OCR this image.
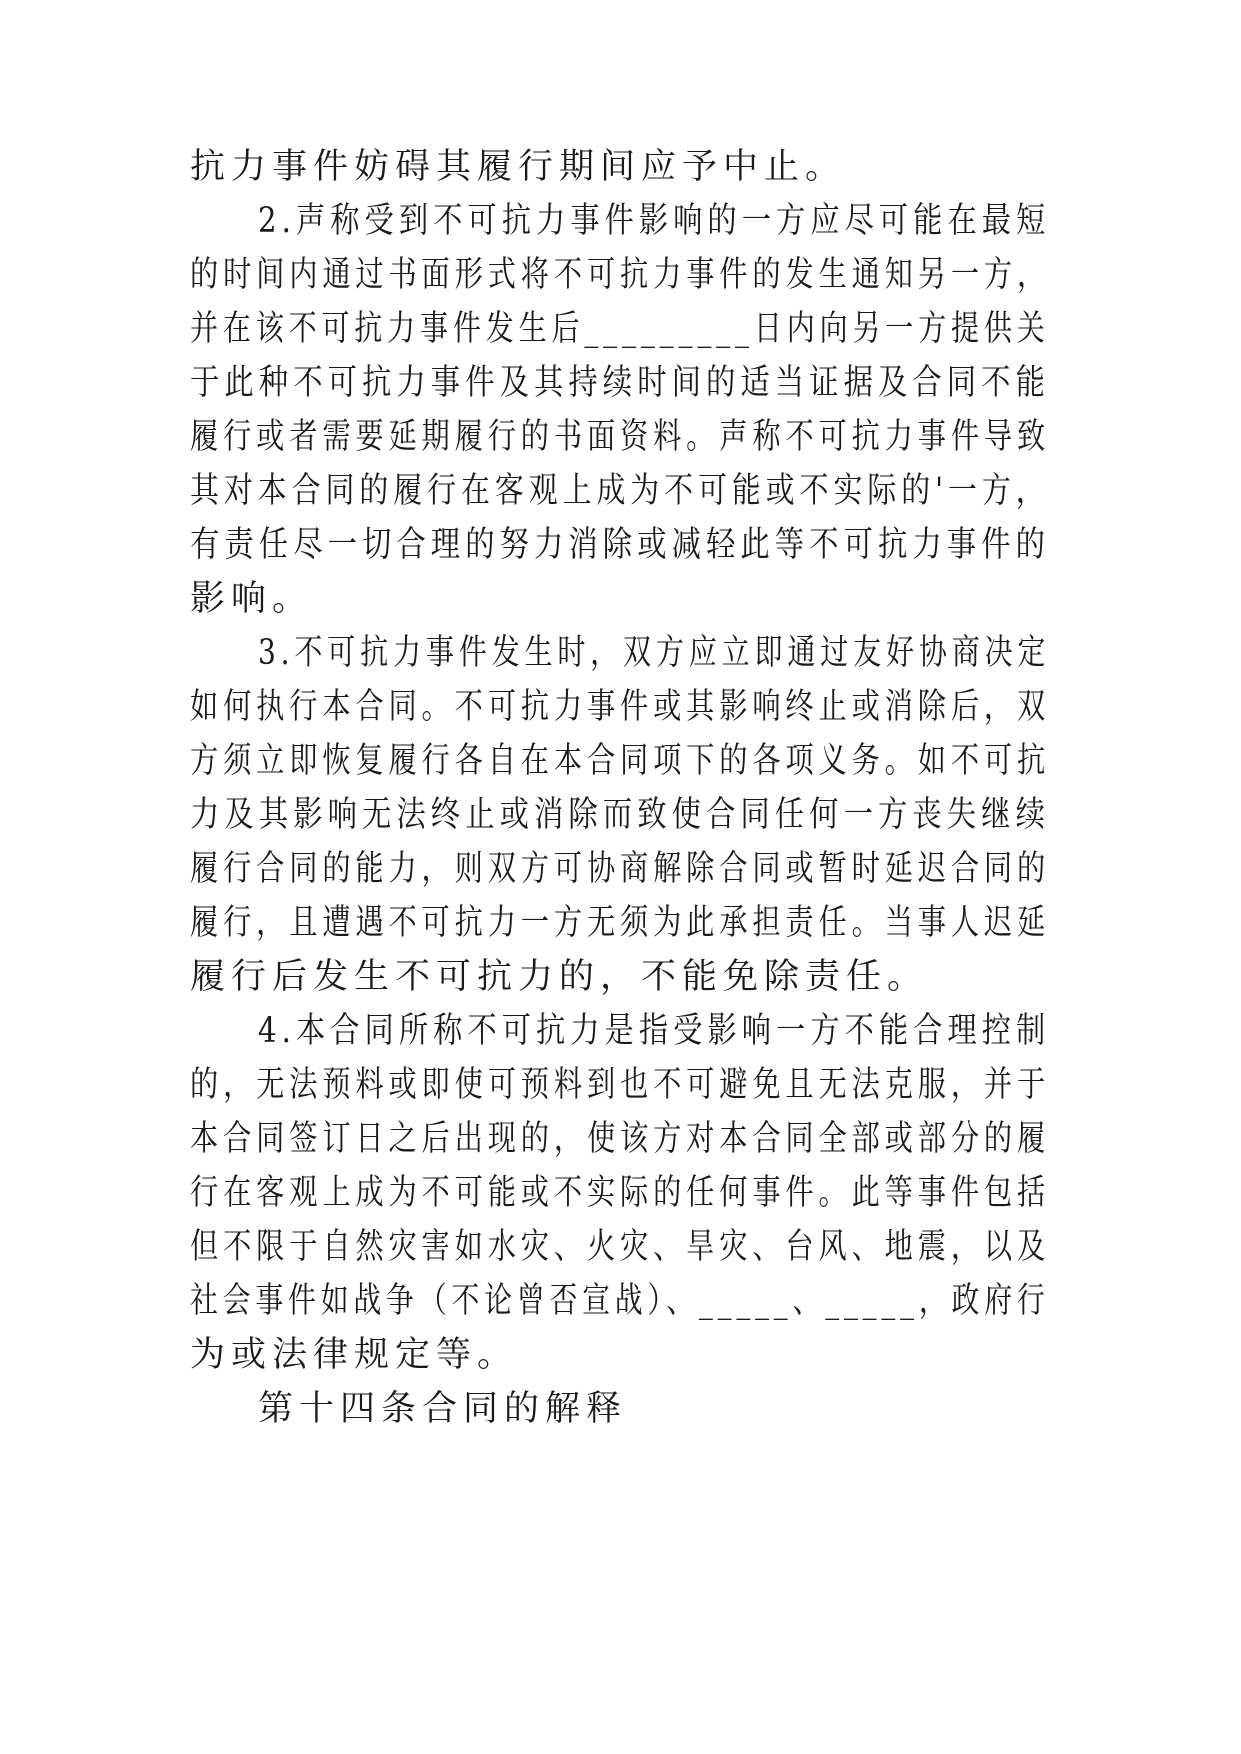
抗力事件妨碍其履行期间应予中止。
2.声称受到不可抗力事件影响的一方应尽可能在最短
的时间内通过书面形式将不可抗力事件的发生通知另一方，
并在该不可抗力事件发生后_________日内向另一方提供关
于此种不可抗力事件及其持续时间的适当证据及合同不能
履行或者需要延期履行的书面资料。声称不可抗力事件导致
其对本合同的履行在客观上成为不可能或不实际的'一方，
有责任尽一切合理的努力消除或减轻此等不可抗力事件的
影响。
3.不可抗力事件发生时，双方应立即通过友好协商决定
如何执行本合同。不可抗力事件或其影响终止或消除后，双
方须立即恢复履行各自在本合同项下的各项义务。如不可抗
力及其影响无法终止或消除而致使合同任何一方丧失继续
履行合同的能力，则双方可协商解除合同或暂时延迟合同的
履行，且遭遇不可抗力一方无须为此承担责任。当事人迟延
履行后发生不可抗力的，不能免除责任。
4.本合同所称不可抗力是指受影响一方不能合理控制
的，无法预料或即使可预料到也不可避免且无法克服，并于
本合同签订日之后出现的，使该方对本合同全部或部分的履
行在客观上成为不可能或不实际的任何事件。此等事件包括
但不限于自然灾害如水灾、火灾、旱灾、台风、地震，以及
社会事件如战争（不论曾否宣战）、_____、_____，政府行
为或法律规定等。
第十四条合同的解释
